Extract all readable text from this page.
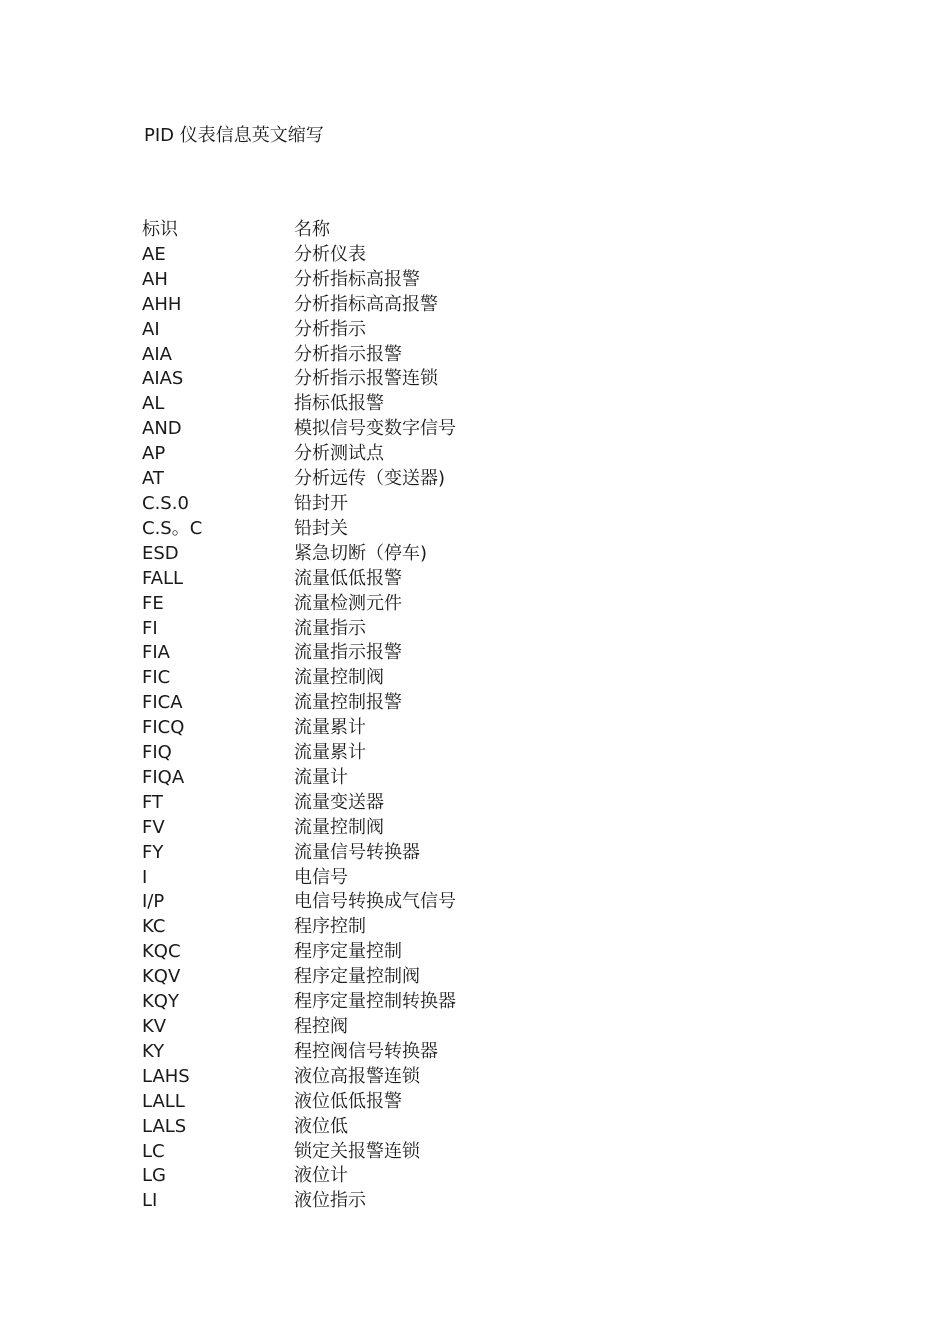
PID 仪表信息英文缩写
标识	名称
AE	分析仪表
AH	分析指标高报警
AHH	分析指标高高报警
AI	分析指示
AIA	分析指示报警
AIAS	分析指示报警连锁
AL	指标低报警
AND	模拟信号变数字信号
AP	分析测试点
AT	分析远传（变送器)
C.S.0	铅封开
C.S。C	铅封关
ESD	紧急切断（停车)
FALL	流量低低报警
FE	流量检测元件
FI	流量指示
FIA	流量指示报警
FIC	流量控制阀
FICA	流量控制报警
FICQ	流量累计
FIQ	流量累计
FIQA	流量计
FT	流量变送器
FV	流量控制阀
FY	流量信号转换器
I	电信号
I/P	电信号转换成气信号
KC	程序控制
KQC	程序定量控制
KQV	程序定量控制阀
KQY	程序定量控制转换器
KV	程控阀
KY	程控阀信号转换器
LAHS	液位高报警连锁
LALL	液位低低报警
LALS	液位低
LC	锁定关报警连锁
LG	液位计
LI	液位指示
